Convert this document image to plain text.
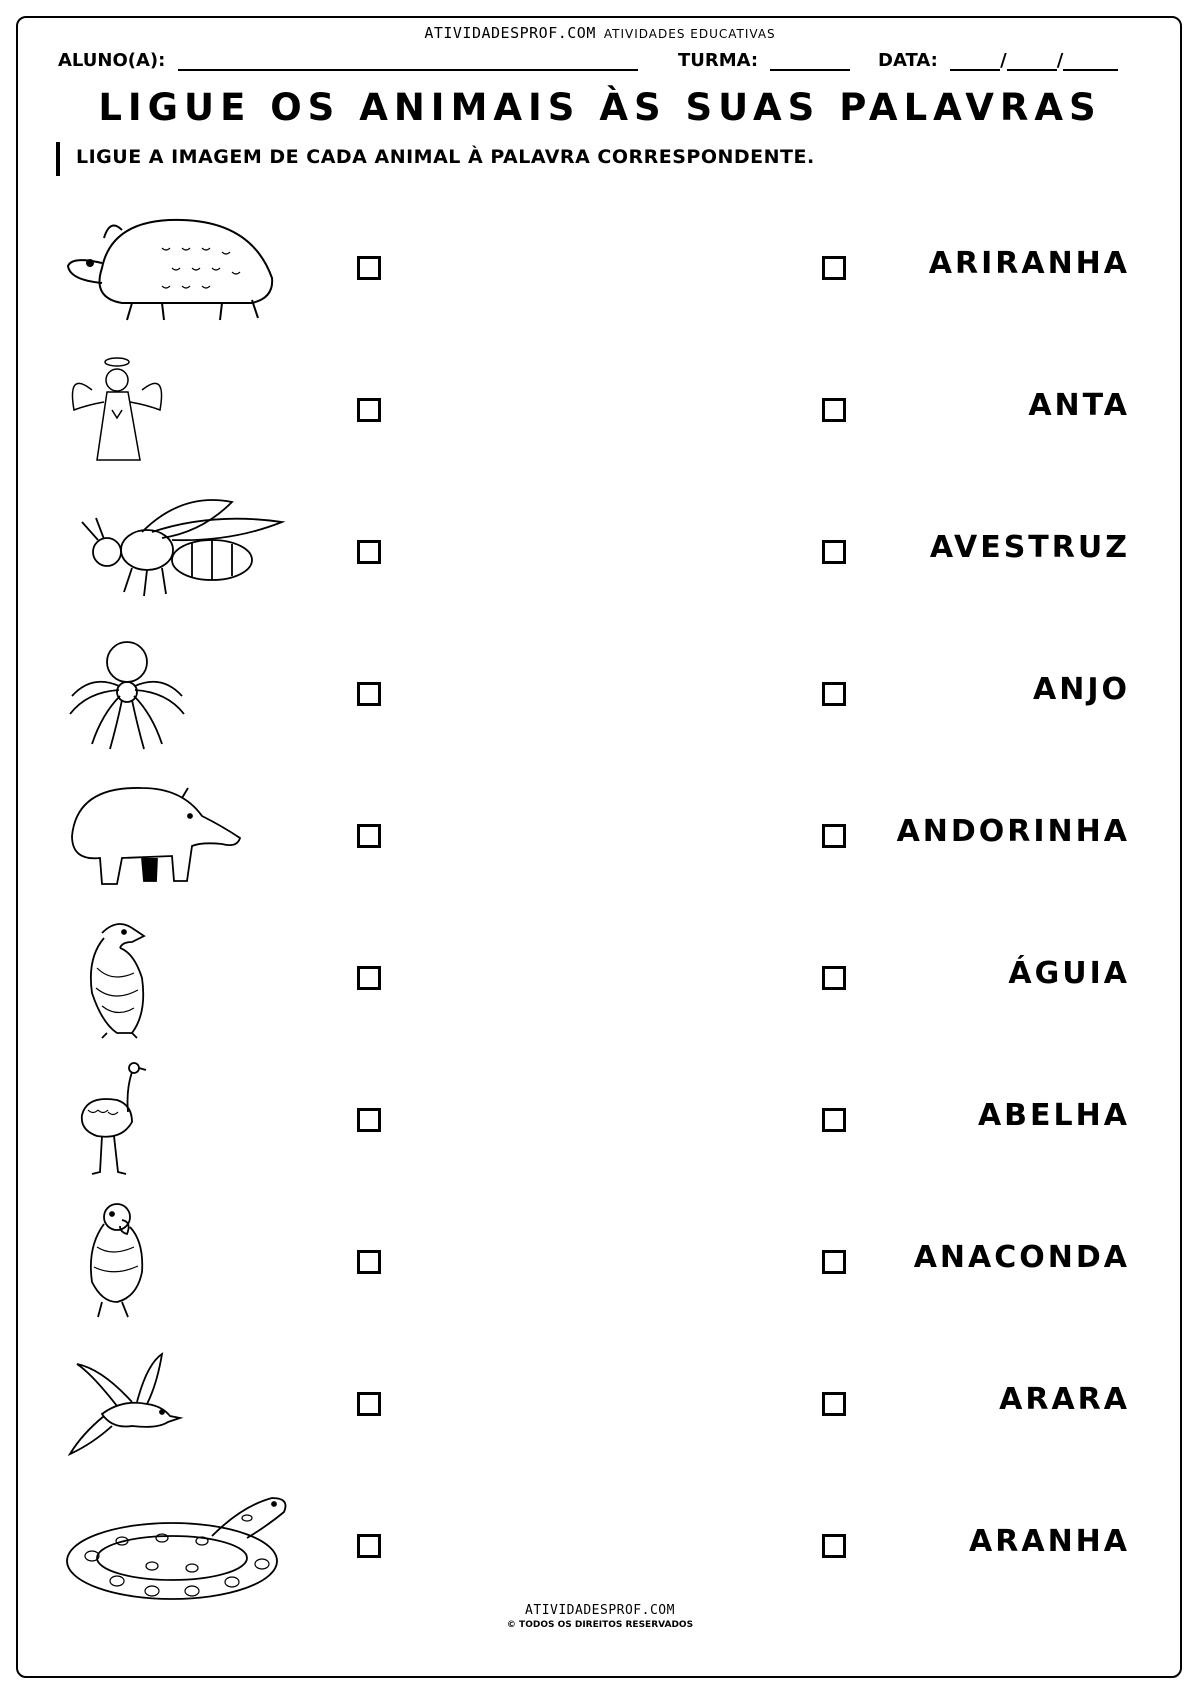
ATIVIDADESPROF.COM ATIVIDADES EDUCATIVAS
ALUNO(A):	TURMA:	DATA:	/	/
LIGUE OS ANIMAIS ÀS SUAS PALAVRAS
LIGUE A IMAGEM DE CADA ANIMAL À PALAVRA CORRESPONDENTE.
ARIRANHA
ANTA
AVESTRUZ
ANJO
ANDORINHA
ÁGUIA
ABELHA
ANACONDA
ARARA
ARANHA
ATIVIDADESPROF.COM
© TODOS OS DIREITOS RESERVADOS
